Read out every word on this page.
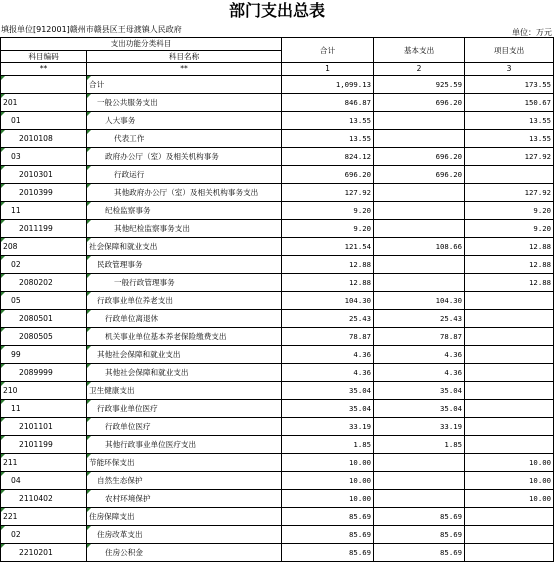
部门支出总表
填报单位[912001]赣州市赣县区王母渡镇人民政府	单位：万元
支出功能分类科目		合计	基本支出	项目支出
科目编码	科目名称			
**	**	1	2	3
	合计	1,099.13	925.59	173.55
201	一般公共服务支出	846.87	696.20	150.67
01	人大事务	13.55		13.55
2010108	代表工作	13.55		13.55
03	政府办公厅（室）及相关机构事务	824.12	696.20	127.92
2010301	行政运行	696.20	696.20	
2010399	其他政府办公厅（室）及相关机构事务支出	127.92		127.92
11	纪检监察事务	9.20		9.20
2011199	其他纪检监察事务支出	9.20		9.20
208	社会保障和就业支出	121.54	108.66	12.88
02	民政管理事务	12.88		12.88
2080202	一般行政管理事务	12.88		12.88
05	行政事业单位养老支出	104.30	104.30	
2080501	行政单位离退休	25.43	25.43	
2080505	机关事业单位基本养老保险缴费支出	78.87	78.87	
99	其他社会保障和就业支出	4.36	4.36	
2089999	其他社会保障和就业支出	4.36	4.36	
210	卫生健康支出	35.04	35.04	
11	行政事业单位医疗	35.04	35.04	
2101101	行政单位医疗	33.19	33.19	
2101199	其他行政事业单位医疗支出	1.85	1.85	
211	节能环保支出	10.00		10.00
04	自然生态保护	10.00		10.00
2110402	农村环境保护	10.00		10.00
221	住房保障支出	85.69	85.69	
02	住房改革支出	85.69	85.69	
2210201	住房公积金	85.69	85.69	
